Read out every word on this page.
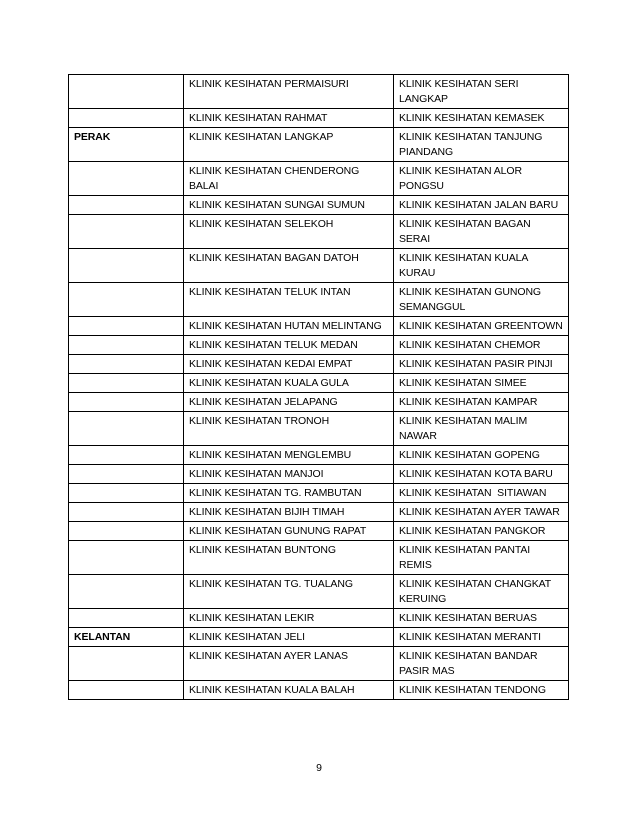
	KLINIK KESIHATAN PERMAISURI	KLINIK KESIHATAN SERI LANGKAP
	KLINIK KESIHATAN RAHMAT	KLINIK KESIHATAN KEMASEK
PERAK	KLINIK KESIHATAN LANGKAP	KLINIK KESIHATAN TANJUNG PIANDANG
	KLINIK KESIHATAN CHENDERONG BALAI	KLINIK KESIHATAN ALOR PONGSU
	KLINIK KESIHATAN SUNGAI SUMUN	KLINIK KESIHATAN JALAN BARU
	KLINIK KESIHATAN SELEKOH	KLINIK KESIHATAN BAGAN SERAI
	KLINIK KESIHATAN BAGAN DATOH	KLINIK KESIHATAN KUALA KURAU
	KLINIK KESIHATAN TELUK INTAN	KLINIK KESIHATAN GUNONG SEMANGGUL
	KLINIK KESIHATAN HUTAN MELINTANG	KLINIK KESIHATAN GREENTOWN
	KLINIK KESIHATAN TELUK MEDAN	KLINIK KESIHATAN CHEMOR
	KLINIK KESIHATAN KEDAI EMPAT	KLINIK KESIHATAN PASIR PINJI
	KLINIK KESIHATAN KUALA GULA	KLINIK KESIHATAN SIMEE
	KLINIK KESIHATAN JELAPANG	KLINIK KESIHATAN KAMPAR
	KLINIK KESIHATAN TRONOH	KLINIK KESIHATAN MALIM NAWAR
	KLINIK KESIHATAN MENGLEMBU	KLINIK KESIHATAN GOPENG
	KLINIK KESIHATAN MANJOI	KLINIK KESIHATAN KOTA BARU
	KLINIK KESIHATAN TG. RAMBUTAN	KLINIK KESIHATAN  SITIAWAN
	KLINIK KESIHATAN BIJIH TIMAH	KLINIK KESIHATAN AYER TAWAR
	KLINIK KESIHATAN GUNUNG RAPAT	KLINIK KESIHATAN PANGKOR
	KLINIK KESIHATAN BUNTONG	KLINIK KESIHATAN PANTAI REMIS
	KLINIK KESIHATAN TG. TUALANG	KLINIK KESIHATAN CHANGKAT KERUING
	KLINIK KESIHATAN LEKIR	KLINIK KESIHATAN BERUAS
KELANTAN	KLINIK KESIHATAN JELI	KLINIK KESIHATAN MERANTI
	KLINIK KESIHATAN AYER LANAS	KLINIK KESIHATAN BANDAR PASIR MAS
	KLINIK KESIHATAN KUALA BALAH	KLINIK KESIHATAN TENDONG
9
